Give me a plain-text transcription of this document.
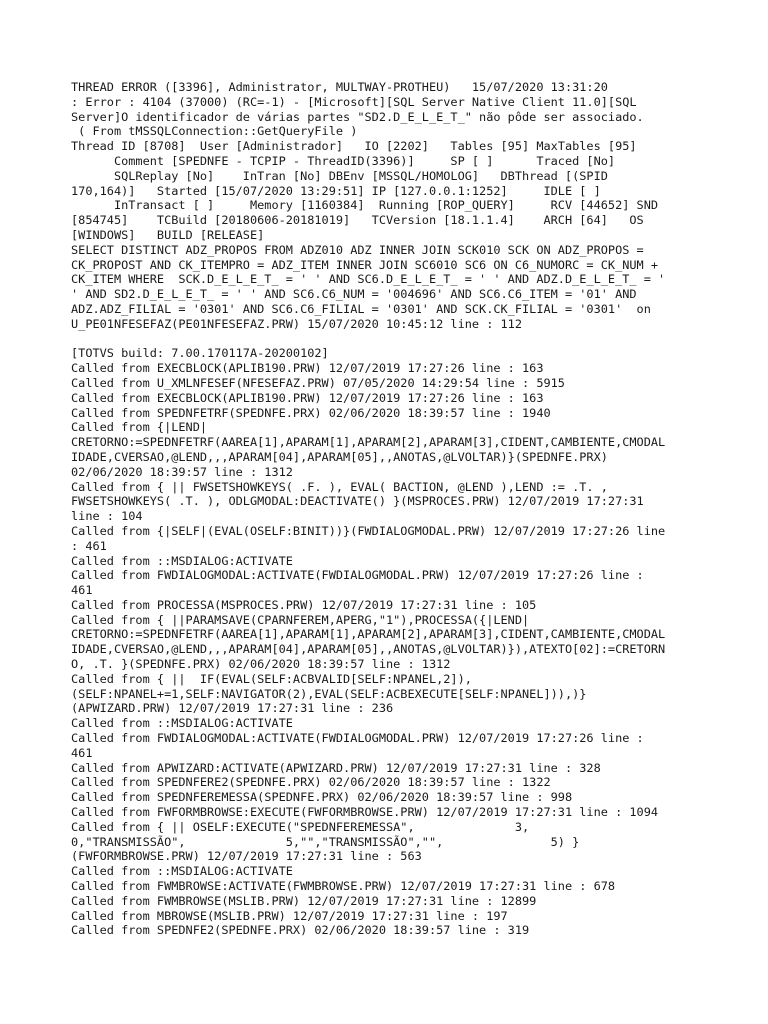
THREAD ERROR ([3396], Administrator, MULTWAY-PROTHEU)   15/07/2020 13:31:20
: Error : 4104 (37000) (RC=-1) - [Microsoft][SQL Server Native Client 11.0][SQL
Server]O identificador de várias partes "SD2.D_E_L_E_T_" não pôde ser associado.
( From tMSSQLConnection::GetQueryFile )
Thread ID [8708]  User [Administrador]   IO [2202]   Tables [95] MaxTables [95]
Comment [SPEDNFE - TCPIP - ThreadID(3396)]     SP [ ]      Traced [No]
SQLReplay [No]    InTran [No] DBEnv [MSSQL/HOMOLOG]   DBThread [(SPID
170,164)]   Started [15/07/2020 13:29:51] IP [127.0.0.1:1252]     IDLE [ ]
InTransact [ ]     Memory [1160384]  Running [ROP_QUERY]     RCV [44652] SND
[854745]    TCBuild [20180606-20181019]   TCVersion [18.1.1.4]    ARCH [64]   OS
[WINDOWS]   BUILD [RELEASE]
SELECT DISTINCT ADZ_PROPOS FROM ADZ010 ADZ INNER JOIN SCK010 SCK ON ADZ_PROPOS =
CK_PROPOST AND CK_ITEMPRO = ADZ_ITEM INNER JOIN SC6010 SC6 ON C6_NUMORC = CK_NUM +
CK_ITEM WHERE  SCK.D_E_L_E_T_ = ' ' AND SC6.D_E_L_E_T_ = ' ' AND ADZ.D_E_L_E_T_ = '
' AND SD2.D_E_L_E_T_ = ' ' AND SC6.C6_NUM = '004696' AND SC6.C6_ITEM = '01' AND
ADZ.ADZ_FILIAL = '0301' AND SC6.C6_FILIAL = '0301' AND SCK.CK_FILIAL = '0301'  on
U_PE01NFESEFAZ(PE01NFESEFAZ.PRW) 15/07/2020 10:45:12 line : 112
[TOTVS build: 7.00.170117A-20200102]
Called from EXECBLOCK(APLIB190.PRW) 12/07/2019 17:27:26 line : 163
Called from U_XMLNFESEF(NFESEFAZ.PRW) 07/05/2020 14:29:54 line : 5915
Called from EXECBLOCK(APLIB190.PRW) 12/07/2019 17:27:26 line : 163
Called from SPEDNFETRF(SPEDNFE.PRX) 02/06/2020 18:39:57 line : 1940
Called from {|LEND|
CRETORNO:=SPEDNFETRF(AAREA[1],APARAM[1],APARAM[2],APARAM[3],CIDENT,CAMBIENTE,CMODAL
IDADE,CVERSAO,@LEND,,,APARAM[04],APARAM[05],,ANOTAS,@LVOLTAR)}(SPEDNFE.PRX)
02/06/2020 18:39:57 line : 1312
Called from { || FWSETSHOWKEYS( .F. ), EVAL( BACTION, @LEND ),LEND := .T. ,
FWSETSHOWKEYS( .T. ), ODLGMODAL:DEACTIVATE() }(MSPROCES.PRW) 12/07/2019 17:27:31
line : 104
Called from {|SELF|(EVAL(OSELF:BINIT))}(FWDIALOGMODAL.PRW) 12/07/2019 17:27:26 line
: 461
Called from ::MSDIALOG:ACTIVATE
Called from FWDIALOGMODAL:ACTIVATE(FWDIALOGMODAL.PRW) 12/07/2019 17:27:26 line :
461
Called from PROCESSA(MSPROCES.PRW) 12/07/2019 17:27:31 line : 105
Called from { ||PARAMSAVE(CPARNFEREM,APERG,"1"),PROCESSA({|LEND|
CRETORNO:=SPEDNFETRF(AAREA[1],APARAM[1],APARAM[2],APARAM[3],CIDENT,CAMBIENTE,CMODAL
IDADE,CVERSAO,@LEND,,,APARAM[04],APARAM[05],,ANOTAS,@LVOLTAR)}),ATEXTO[02]:=CRETORN
O, .T. }(SPEDNFE.PRX) 02/06/2020 18:39:57 line : 1312
Called from { ||  IF(EVAL(SELF:ACBVALID[SELF:NPANEL,2]),
(SELF:NPANEL+=1,SELF:NAVIGATOR(2),EVAL(SELF:ACBEXECUTE[SELF:NPANEL])),)}
(APWIZARD.PRW) 12/07/2019 17:27:31 line : 236
Called from ::MSDIALOG:ACTIVATE
Called from FWDIALOGMODAL:ACTIVATE(FWDIALOGMODAL.PRW) 12/07/2019 17:27:26 line :
461
Called from APWIZARD:ACTIVATE(APWIZARD.PRW) 12/07/2019 17:27:31 line : 328
Called from SPEDNFERE2(SPEDNFE.PRX) 02/06/2020 18:39:57 line : 1322
Called from SPEDNFEREMESSA(SPEDNFE.PRX) 02/06/2020 18:39:57 line : 998
Called from FWFORMBROWSE:EXECUTE(FWFORMBROWSE.PRW) 12/07/2019 17:27:31 line : 1094
Called from { || OSELF:EXECUTE("SPEDNFEREMESSA",              3,
0,"TRANSMISSÃO",              5,"","TRANSMISSÃO","",               5) }
(FWFORMBROWSE.PRW) 12/07/2019 17:27:31 line : 563
Called from ::MSDIALOG:ACTIVATE
Called from FWMBROWSE:ACTIVATE(FWMBROWSE.PRW) 12/07/2019 17:27:31 line : 678
Called from FWMBROWSE(MSLIB.PRW) 12/07/2019 17:27:31 line : 12899
Called from MBROWSE(MSLIB.PRW) 12/07/2019 17:27:31 line : 197
Called from SPEDNFE2(SPEDNFE.PRX) 02/06/2020 18:39:57 line : 319
